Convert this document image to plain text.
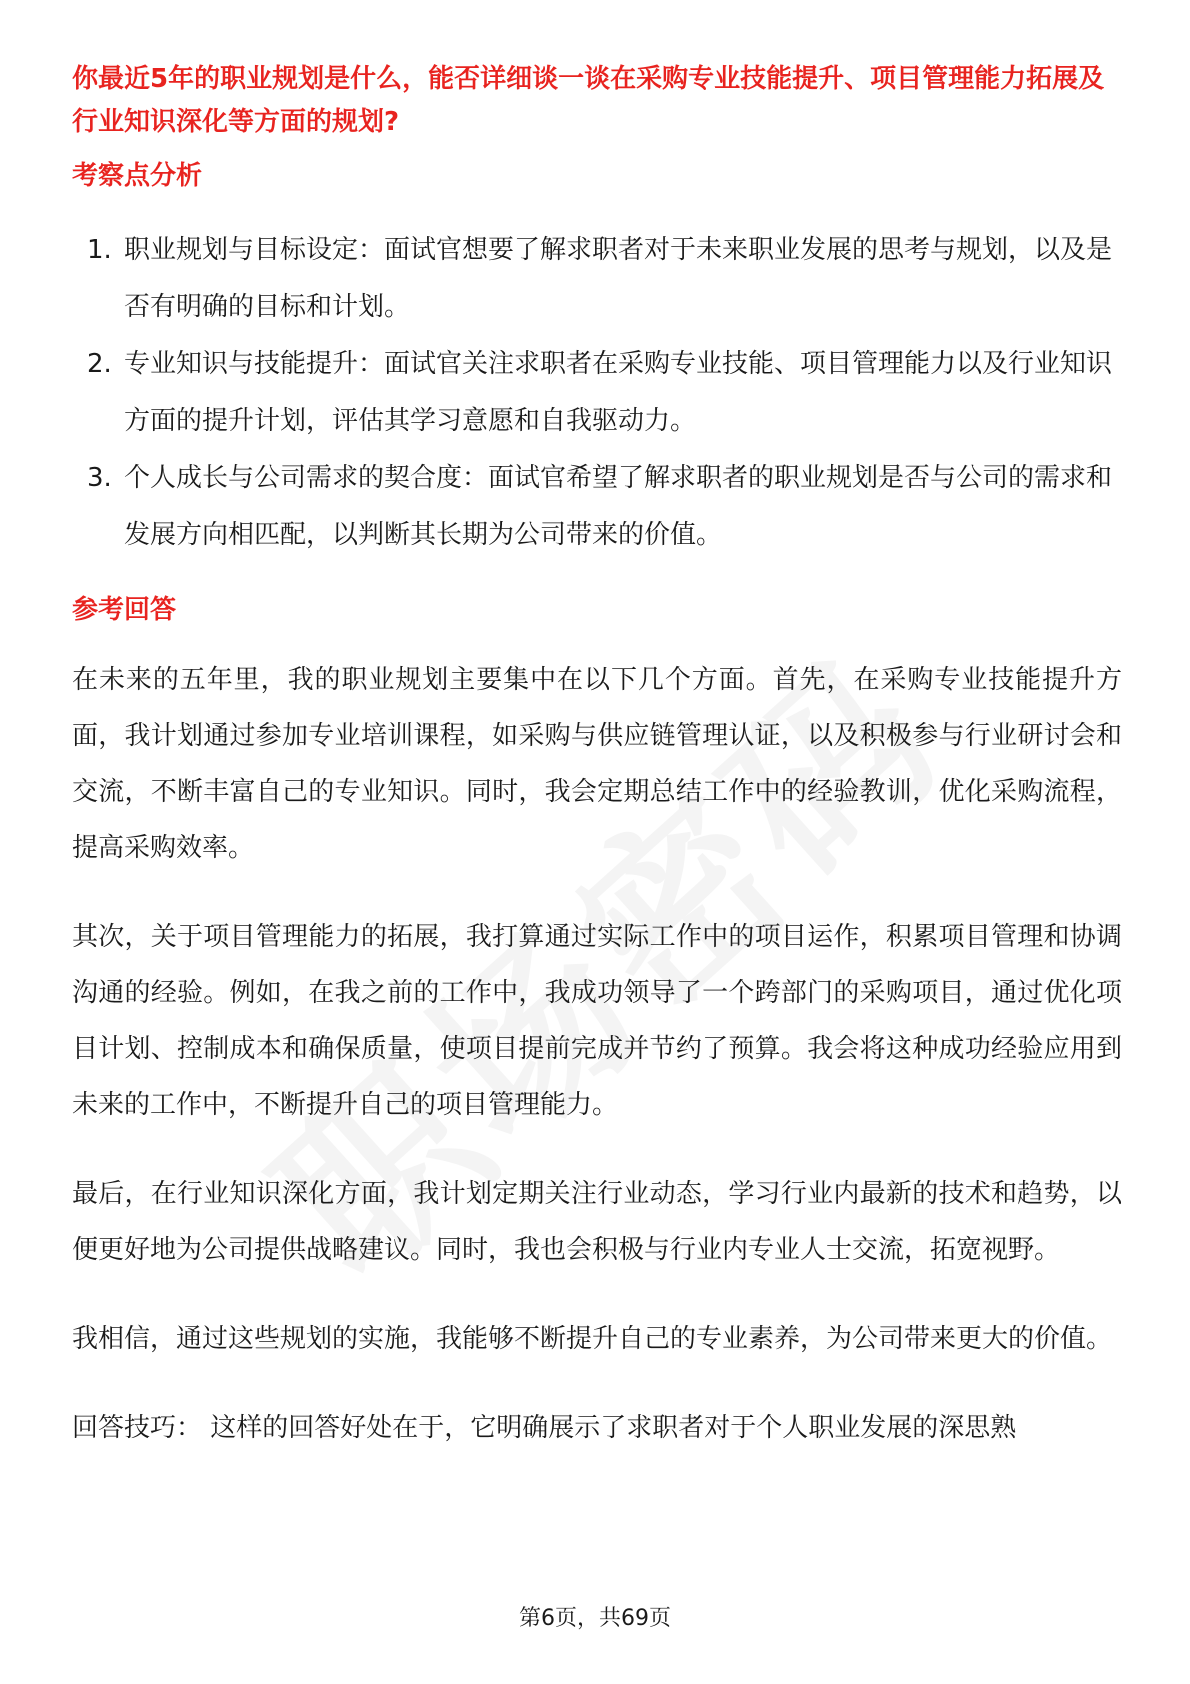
你最近5年的职业规划是什么，能否详细谈一谈在采购专业技能提升、项目管理能力拓展及行业知识深化等方面的规划?

考察点分析

1. 职业规划与目标设定：面试官想要了解求职者对于未来职业发展的思考与规划，以及是否有明确的目标和计划。
2. 专业知识与技能提升：面试官关注求职者在采购专业技能、项目管理能力以及行业知识方面的提升计划，评估其学习意愿和自我驱动力。
3. 个人成长与公司需求的契合度：面试官希望了解求职者的职业规划是否与公司的需求和发展方向相匹配，以判断其长期为公司带来的价值。

参考回答

在未来的五年里，我的职业规划主要集中在以下几个方面。首先，在采购专业技能提升方面，我计划通过参加专业培训课程，如采购与供应链管理认证，以及积极参与行业研讨会和交流，不断丰富自己的专业知识。同时，我会定期总结工作中的经验教训，优化采购流程，提高采购效率。

其次，关于项目管理能力的拓展，我打算通过实际工作中的项目运作，积累项目管理和协调沟通的经验。例如，在我之前的工作中，我成功领导了一个跨部门的采购项目，通过优化项目计划、控制成本和确保质量，使项目提前完成并节约了预算。我会将这种成功经验应用到未来的工作中，不断提升自己的项目管理能力。

最后，在行业知识深化方面，我计划定期关注行业动态，学习行业内最新的技术和趋势，以便更好地为公司提供战略建议。同时，我也会积极与行业内专业人士交流，拓宽视野。

我相信，通过这些规划的实施，我能够不断提升自己的专业素养，为公司带来更大的价值。

回答技巧： 这样的回答好处在于，它明确展示了求职者对于个人职业发展的深思熟

第6页，共69页
